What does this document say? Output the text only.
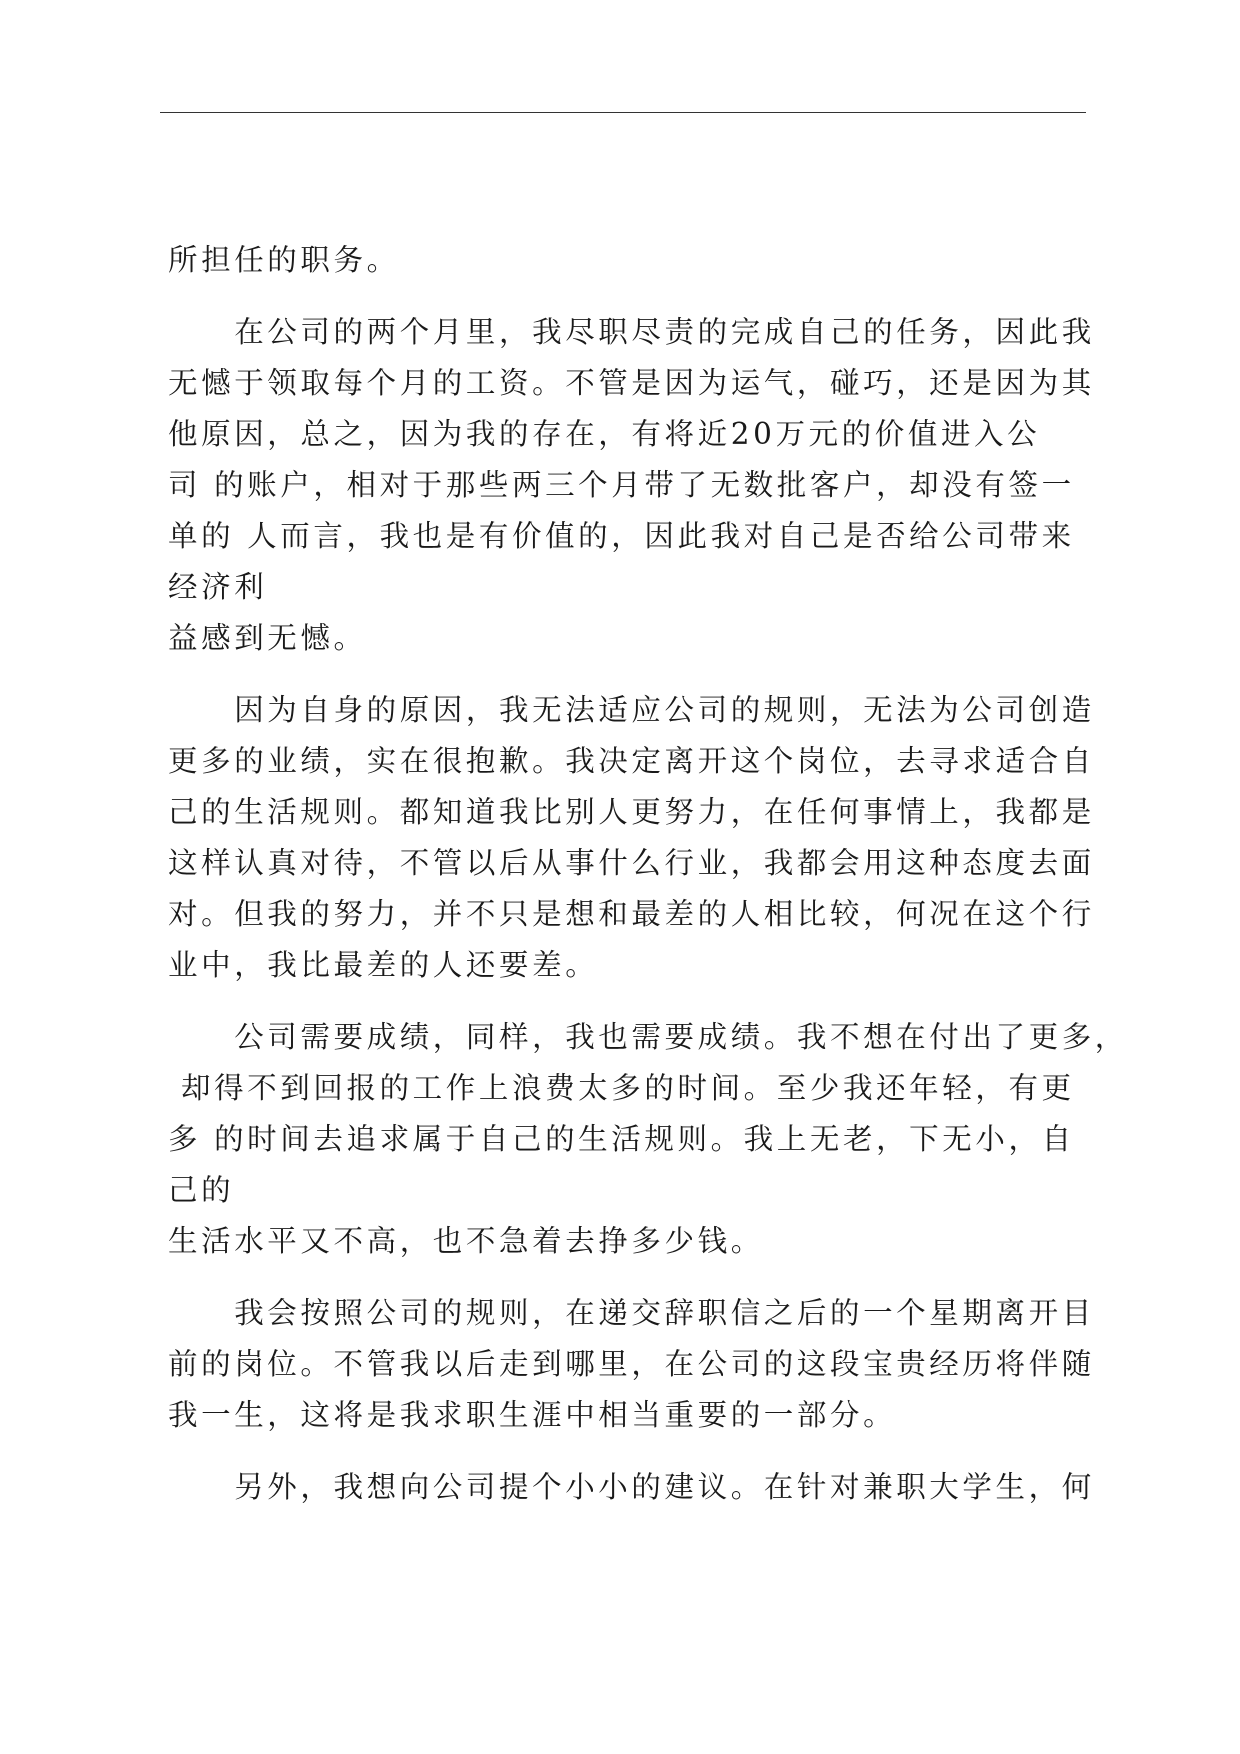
所担任的职务。
　　在公司的两个月里，我尽职尽责的完成自己的任务，因此我
无憾于领取每个月的工资。不管是因为运气，碰巧，还是因为其
他原因，总之，因为我的存在，有将近20万元的价值进入公
司 的账户，相对于那些两三个月带了无数批客户，却没有签一
单的 人而言，我也是有价值的，因此我对自己是否给公司带来
经济利
益感到无憾。
　　因为自身的原因，我无法适应公司的规则，无法为公司创造
更多的业绩，实在很抱歉。我决定离开这个岗位，去寻求适合自
己的生活规则。都知道我比别人更努力，在任何事情上，我都是
这样认真对待，不管以后从事什么行业，我都会用这种态度去面
对。但我的努力，并不只是想和最差的人相比较，何况在这个行
业中，我比最差的人还要差。
　　公司需要成绩，同样，我也需要成绩。我不想在付出了更多，
却得不到回报的工作上浪费太多的时间。至少我还年轻，有更
多 的时间去追求属于自己的生活规则。我上无老，下无小，自
己的
生活水平又不高，也不急着去挣多少钱。
　　我会按照公司的规则，在递交辞职信之后的一个星期离开目
前的岗位。不管我以后走到哪里，在公司的这段宝贵经历将伴随
我一生，这将是我求职生涯中相当重要的一部分。
　　另外，我想向公司提个小小的建议。在针对兼职大学生，何
